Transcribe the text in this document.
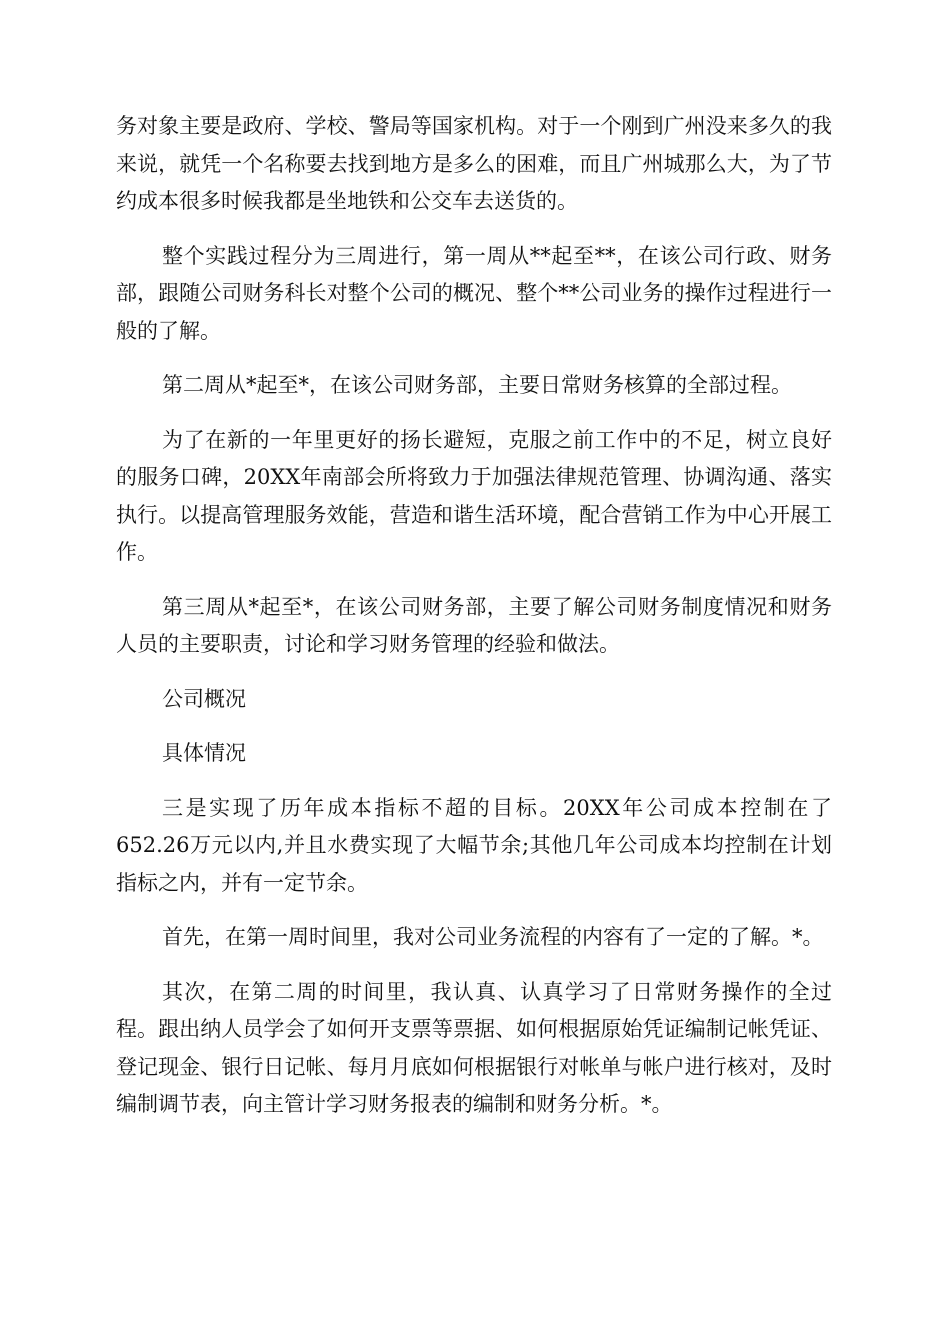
务对象主要是政府、学校、警局等国家机构。对于一个刚到广州没来多久的我来说，就凭一个名称要去找到地方是多么的困难，而且广州城那么大，为了节约成本很多时候我都是坐地铁和公交车去送货的。

整个实践过程分为三周进行，第一周从**起至**，在该公司行政、财务部，跟随公司财务科长对整个公司的概况、整个**公司业务的操作过程进行一般的了解。

第二周从*起至*，在该公司财务部，主要日常财务核算的全部过程。

为了在新的一年里更好的扬长避短，克服之前工作中的不足，树立良好的服务口碑，20XX年南部会所将致力于加强法律规范管理、协调沟通、落实执行。以提高管理服务效能，营造和谐生活环境，配合营销工作为中心开展工作。

第三周从*起至*，在该公司财务部，主要了解公司财务制度情况和财务人员的主要职责，讨论和学习财务管理的经验和做法。

公司概况

具体情况

三是实现了历年成本指标不超的目标。20XX年公司成本控制在了652.26万元以内,并且水费实现了大幅节余;其他几年公司成本均控制在计划指标之内，并有一定节余。

首先，在第一周时间里，我对公司业务流程的内容有了一定的了解。*。

其次，在第二周的时间里，我认真、认真学习了日常财务操作的全过程。跟出纳人员学会了如何开支票等票据、如何根据原始凭证编制记帐凭证、登记现金、银行日记帐、每月月底如何根据银行对帐单与帐户进行核对，及时编制调节表，向主管计学习财务报表的编制和财务分析。*。
